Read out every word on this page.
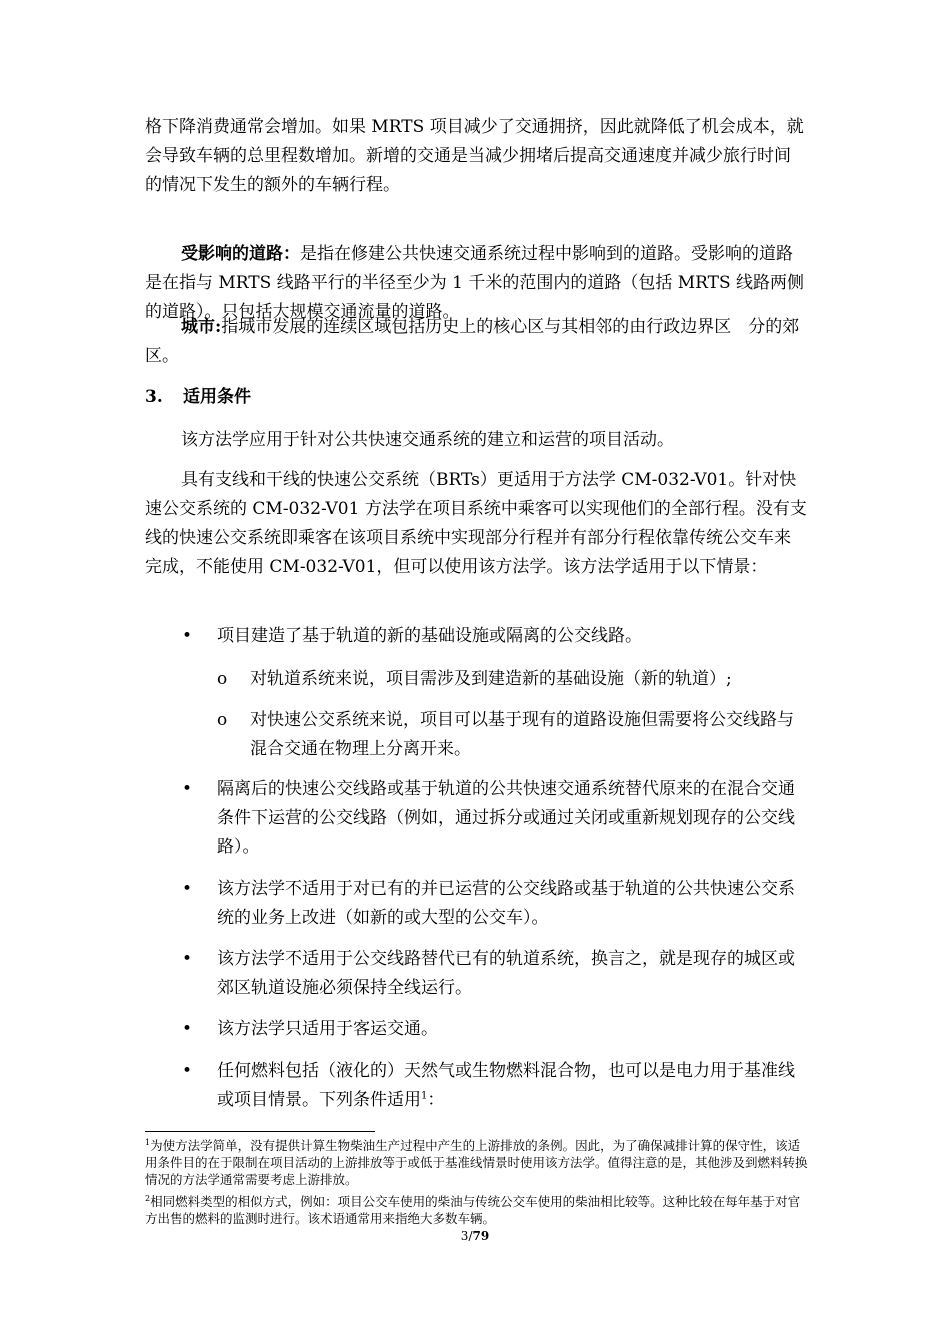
格下降消费通常会增加。如果 MRTS 项目减少了交通拥挤，因此就降低了机会成本，就会导致车辆的总里程数增加。新增的交通是当减少拥堵后提高交通速度并减少旅行时间的情况下发生的额外的车辆行程。

受影响的道路：是指在修建公共快速交通系统过程中影响到的道路。受影响的道路是在指与 MRTS 线路平行的半径至少为 1 千米的范围内的道路（包括 MRTS 线路两侧的道路）。只包括大规模交通流量的道路。

城市:指城市发展的连续区域包括历史上的核心区与其相邻的由行政边界区　分的郊区。

3. 适用条件

该方法学应用于针对公共快速交通系统的建立和运营的项目活动。

具有支线和干线的快速公交系统（BRTs）更适用于方法学 CM-032-V01。针对快速公交系统的 CM-032-V01 方法学在项目系统中乘客可以实现他们的全部行程。没有支线的快速公交系统即乘客在该项目系统中实现部分行程并有部分行程依靠传统公交车来完成，不能使用 CM-032-V01，但可以使用该方法学。该方法学适用于以下情景：

• 项目建造了基于轨道的新的基础设施或隔离的公交线路。

o 对轨道系统来说，项目需涉及到建造新的基础设施（新的轨道）;

o 对快速公交系统来说，项目可以基于现有的道路设施但需要将公交线路与混合交通在物理上分离开来。

• 隔离后的快速公交线路或基于轨道的公共快速交通系统替代原来的在混合交通条件下运营的公交线路（例如，通过拆分或通过关闭或重新规划现存的公交线路）。

• 该方法学不适用于对已有的并已运营的公交线路或基于轨道的公共快速公交系统的业务上改进（如新的或大型的公交车）。

• 该方法学不适用于公交线路替代已有的轨道系统，换言之，就是现存的城区或郊区轨道设施必须保持全线运行。

• 该方法学只适用于客运交通。

• 任何燃料包括（液化的）天然气或生物燃料混合物，也可以是电力用于基准线或项目情景。下列条件适用$^1$：

$^1$为使方法学简单，没有提供计算生物柴油生产过程中产生的上游排放的条例。因此，为了确保减排计算的保守性，该适用条件目的在于限制在项目活动的上游排放等于或低于基准线情景时使用该方法学。值得注意的是，其他涉及到燃料转换情况的方法学通常需要考虑上游排放。

$^2$相同燃料类型的相似方式，例如：项目公交车使用的柴油与传统公交车使用的柴油相比较等。这种比较在每年基于对官方出售的燃料的监测时进行。该术语通常用来指绝大多数车辆。

3/79
